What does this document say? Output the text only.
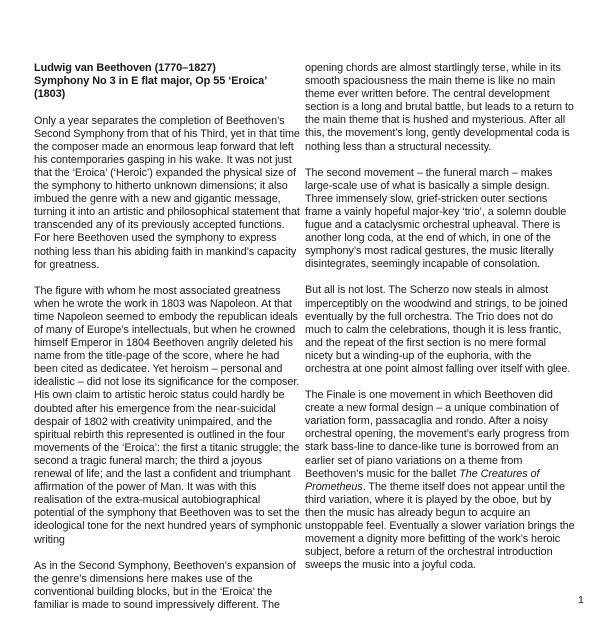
Ludwig van Beethoven (1770–1827)
Symphony No 3 in E flat major, Op 55 ‘Eroica’
(1803)

Only a year separates the completion of Beethoven’s Second Symphony from that of his Third, yet in that time the composer made an enormous leap forward that left his contemporaries gasping in his wake. It was not just that the ‘Eroica’ (‘Heroic’) expanded the physical size of the symphony to hitherto unknown dimensions; it also imbued the genre with a new and gigantic message, turning it into an artistic and philosophical statement that transcended any of its previously accepted functions. For here Beethoven used the symphony to express nothing less than his abiding faith in mankind’s capacity for greatness.

The figure with whom he most associated greatness when he wrote the work in 1803 was Napoleon. At that time Napoleon seemed to embody the republican ideals of many of Europe’s intellectuals, but when he crowned himself Emperor in 1804 Beethoven angrily deleted his name from the title-page of the score, where he had been cited as dedicatee. Yet heroism – personal and idealistic – did not lose its significance for the composer. His own claim to artistic heroic status could hardly be doubted after his emergence from the near-suicidal despair of 1802 with creativity unimpaired, and the spiritual rebirth this represented is outlined in the four movements of the ‘Eroica’: the first a titanic struggle; the second a tragic funeral march; the third a joyous renewal of life; and the last a confident and triumphant affirmation of the power of Man. It was with this realisation of the extra-musical autobiographical potential of the symphony that Beethoven was to set the ideological tone for the next hundred years of symphonic writing

As in the Second Symphony, Beethoven’s expansion of the genre’s dimensions here makes use of the conventional building blocks, but in the ‘Eroica’ the familiar is made to sound impressively different. The

opening chords are almost startlingly terse, while in its smooth spaciousness the main theme is like no main theme ever written before. The central development section is a long and brutal battle, but leads to a return to the main theme that is hushed and mysterious. After all this, the movement’s long, gently developmental coda is nothing less than a structural necessity.

The second movement – the funeral march – makes large-scale use of what is basically a simple design. Three immensely slow, grief-stricken outer sections frame a vainly hopeful major-key ‘trio’, a solemn double fugue and a cataclysmic orchestral upheaval. There is another long coda, at the end of which, in one of the symphony’s most radical gestures, the music literally disintegrates, seemingly incapable of consolation.

But all is not lost. The Scherzo now steals in almost imperceptibly on the woodwind and strings, to be joined eventually by the full orchestra. The Trio does not do much to calm the celebrations, though it is less frantic, and the repeat of the first section is no mere formal nicety but a winding-up of the euphoria, with the orchestra at one point almost falling over itself with glee.

The Finale is one movement in which Beethoven did create a new formal design – a unique combination of variation form, passacaglia and rondo. After a noisy orchestral opening, the movement’s early progress from stark bass-line to dance-like tune is borrowed from an earlier set of piano variations on a theme from Beethoven’s music for the ballet The Creatures of Prometheus. The theme itself does not appear until the third variation, where it is played by the oboe, but by then the music has already begun to acquire an unstoppable feel. Eventually a slower variation brings the movement a dignity more befitting of the work’s heroic subject, before a return of the orchestral introduction sweeps the music into a joyful coda.

1
